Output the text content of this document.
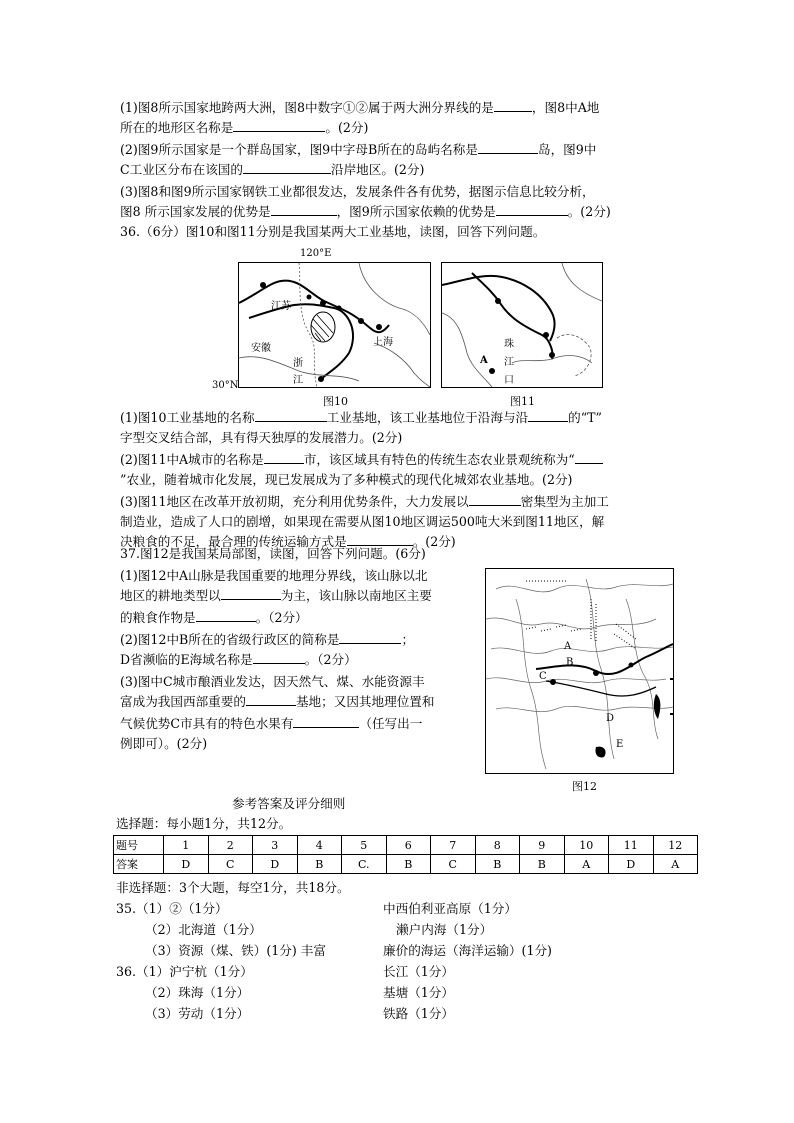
(1)图8所示国家地跨两大洲，图8中数字①②属于两大洲分界线的是	，图8中A地
所在的地形区名称是	。(2分)
(2)图9所示国家是一个群岛国家，图9中字母B所在的岛屿名称是	岛，图9中
C工业区分布在该国的	沿岸地区。(2分)
(3)图8和图9所示国家钢铁工业都很发达，发展条件各有优势，据图示信息比较分析，
图8 所示国家发展的优势是	，图9所示国家依赖的优势是	。(2分)
36.（6分）图10和图11分别是我国某两大工业基地，读图，回答下列问题。
江苏
安徽
浙
江
上海
120°E
30°N
图10
A
珠
江
口
图11
(1)图10工业基地的名称	工业基地，该工业基地位于沿海与沿	的“T”
字型交叉结合部，具有得天独厚的发展潜力。(2分)
(2)图11中A城市的名称是	市，该区域具有特色的传统生态农业景观统称为“
”农业，随着城市化发展，现已发展成为了多种模式的现代化城郊农业基地。(2分)
(3)图11地区在改革开放初期，充分利用优势条件，大力发展以	密集型为主加工
制造业，造成了人口的剧增，如果现在需要从图10地区调运500吨大米到图11地区，解
决粮食的不足，最合理的传统运输方式是	。(2分)
37.图12是我国某局部图，读图，回答下列问题。(6分)
(1)图12中A山脉是我国重要的地理分界线，该山脉以北
地区的耕地类型以	为主，该山脉以南地区主要
的粮食作物是	。（2分）
(2)图12中B所在的省级行政区的简称是	；
D省濒临的E海域名称是	。（2分）
(3)图中C城市酿酒业发达，因天然气、煤、水能资源丰
富成为我国西部重要的	基地；又因其地理位置和
气候优势C市具有的特色水果有	（任写出一
例即可）。(2分)
A
B
C
D
E
图12
参考答案及评分细则
选择题：每小题1分，共12分。
题号	1	2	3	4	5	6	7	8	9	10	11	12
答案	D	C	D	B	C.	B	C	B	B	A	D	A
非选择题：3个大题，每空1分，共18分。
35.（1）②（1分）	中西伯利亚高原（1分）
（2）北海道（1分）	濑户内海（1分）
（3）资源（煤、铁）(1分) 丰富	廉价的海运（海洋运输）(1分)
36.（1）沪宁杭（1分）	长江（1分）
（2）珠海（1分）	基塘（1分）
（3）劳动（1分）	铁路（1分）
